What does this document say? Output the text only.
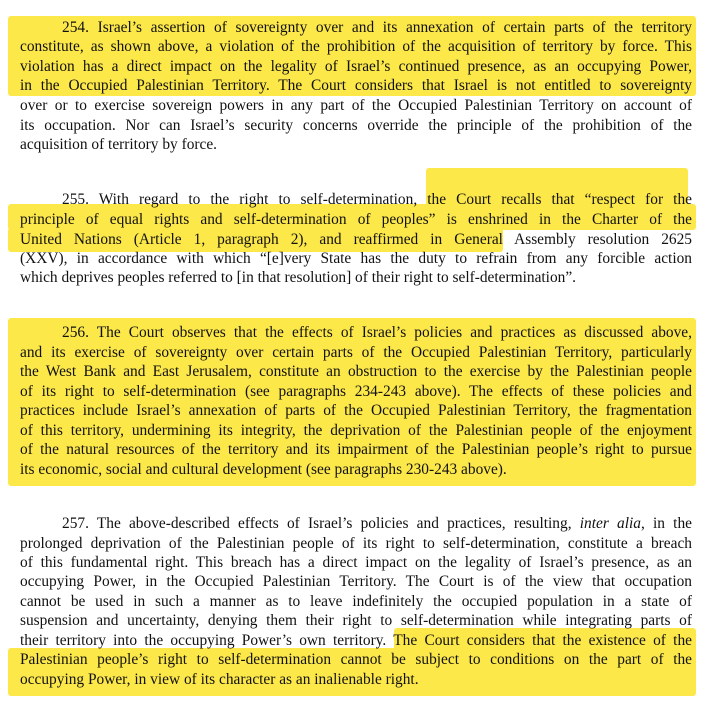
254. Israel’s assertion of sovereignty over and its annexation of certain parts of the territory
constitute, as shown above, a violation of the prohibition of the acquisition of territory by force. This
violation has a direct impact on the legality of Israel’s continued presence, as an occupying Power,
in the Occupied Palestinian Territory. The Court considers that Israel is not entitled to sovereignty
over or to exercise sovereign powers in any part of the Occupied Palestinian Territory on account of
its occupation. Nor can Israel’s security concerns override the principle of the prohibition of the
acquisition of territory by force.
255. With regard to the right to self-determination, the Court recalls that “respect for the
principle of equal rights and self-determination of peoples” is enshrined in the Charter of the
United Nations (Article 1, paragraph 2), and reaffirmed in General Assembly resolution 2625
(XXV), in accordance with which “[e]very State has the duty to refrain from any forcible action
which deprives peoples referred to [in that resolution] of their right to self-determination”.
256. The Court observes that the effects of Israel’s policies and practices as discussed above,
and its exercise of sovereignty over certain parts of the Occupied Palestinian Territory, particularly
the West Bank and East Jerusalem, constitute an obstruction to the exercise by the Palestinian people
of its right to self-determination (see paragraphs 234-243 above). The effects of these policies and
practices include Israel’s annexation of parts of the Occupied Palestinian Territory, the fragmentation
of this territory, undermining its integrity, the deprivation of the Palestinian people of the enjoyment
of the natural resources of the territory and its impairment of the Palestinian people’s right to pursue
its economic, social and cultural development (see paragraphs 230-243 above).
257. The above-described effects of Israel’s policies and practices, resulting, inter alia, in the
prolonged deprivation of the Palestinian people of its right to self-determination, constitute a breach
of this fundamental right. This breach has a direct impact on the legality of Israel’s presence, as an
occupying Power, in the Occupied Palestinian Territory. The Court is of the view that occupation
cannot be used in such a manner as to leave indefinitely the occupied population in a state of
suspension and uncertainty, denying them their right to self-determination while integrating parts of
their territory into the occupying Power’s own territory. The Court considers that the existence of the
Palestinian people’s right to self-determination cannot be subject to conditions on the part of the
occupying Power, in view of its character as an inalienable right.
